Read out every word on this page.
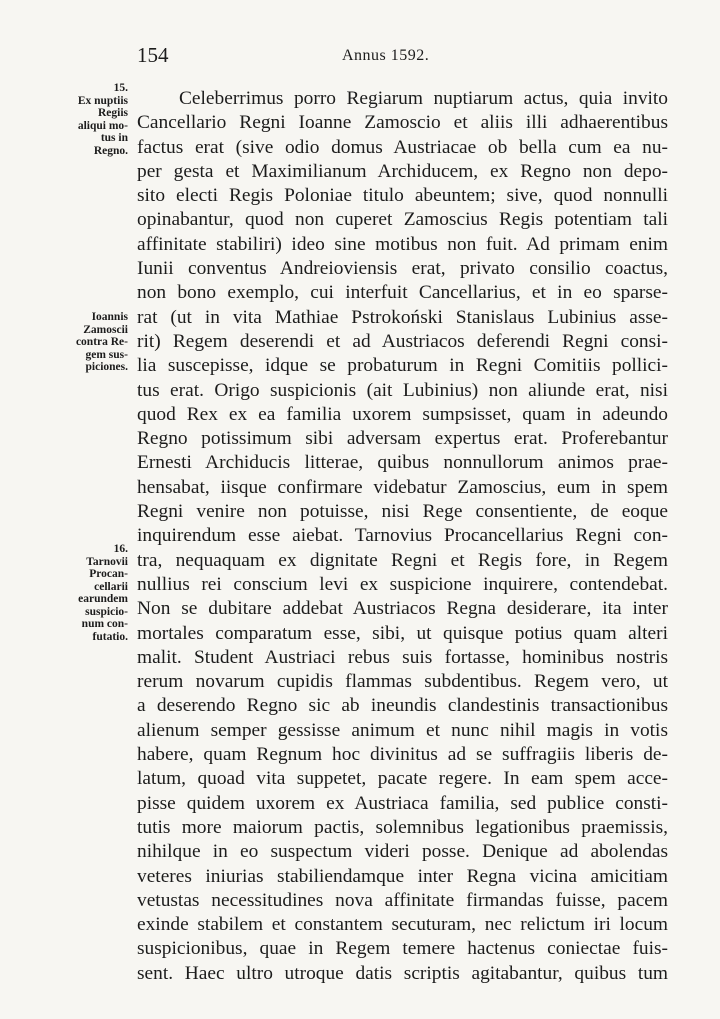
154	Annus 1592.
15.
Ex nuptiis
Regiis
aliqui mo-
tus in
Regno.
Ioannis
Zamoscii
contra Re-
gem sus-
piciones.
16.
Tarnovii
Procan-
cellarii
earundem
suspicio-
num con-
futatio.
Celeberrimus porro Regiarum nuptiarum actus, quia invito
Cancellario Regni Ioanne Zamoscio et aliis illi adhaerentibus
factus erat (sive odio domus Austriacae ob bella cum ea nu-
per gesta et Maximilianum Archiducem, ex Regno non depo-
sito electi Regis Poloniae titulo abeuntem; sive, quod nonnulli
opinabantur, quod non cuperet Zamoscius Regis potentiam tali
affinitate stabiliri) ideo sine motibus non fuit. Ad primam enim
Iunii conventus Andreioviensis erat, privato consilio coactus,
non bono exemplo, cui interfuit Cancellarius, et in eo sparse-
rat (ut in vita Mathiae Pstrokoński Stanislaus Lubinius asse-
rit) Regem deserendi et ad Austriacos deferendi Regni consi-
lia suscepisse, idque se probaturum in Regni Comitiis pollici-
tus erat. Origo suspicionis (ait Lubinius) non aliunde erat, nisi
quod Rex ex ea familia uxorem sumpsisset, quam in adeundo
Regno potissimum sibi adversam expertus erat. Proferebantur
Ernesti Archiducis litterae, quibus nonnullorum animos prae-
hensabat, iisque confirmare videbatur Zamoscius, eum in spem
Regni venire non potuisse, nisi Rege consentiente, de eoque
inquirendum esse aiebat. Tarnovius Procancellarius Regni con-
tra, nequaquam ex dignitate Regni et Regis fore, in Regem
nullius rei conscium levi ex suspicione inquirere, contendebat.
Non se dubitare addebat Austriacos Regna desiderare, ita inter
mortales comparatum esse, sibi, ut quisque potius quam alteri
malit. Student Austriaci rebus suis fortasse, hominibus nostris
rerum novarum cupidis flammas subdentibus. Regem vero, ut
a deserendo Regno sic ab ineundis clandestinis transactionibus
alienum semper gessisse animum et nunc nihil magis in votis
habere, quam Regnum hoc divinitus ad se suffragiis liberis de-
latum, quoad vita suppetet, pacate regere. In eam spem acce-
pisse quidem uxorem ex Austriaca familia, sed publice consti-
tutis more maiorum pactis, solemnibus legationibus praemissis,
nihilque in eo suspectum videri posse. Denique ad abolendas
veteres iniurias stabiliendamque inter Regna vicina amicitiam
vetustas necessitudines nova affinitate firmandas fuisse, pacem
exinde stabilem et constantem secuturam, nec relictum iri locum
suspicionibus, quae in Regem temere hactenus coniectae fuis-
sent. Haec ultro utroque datis scriptis agitabantur, quibus tum
